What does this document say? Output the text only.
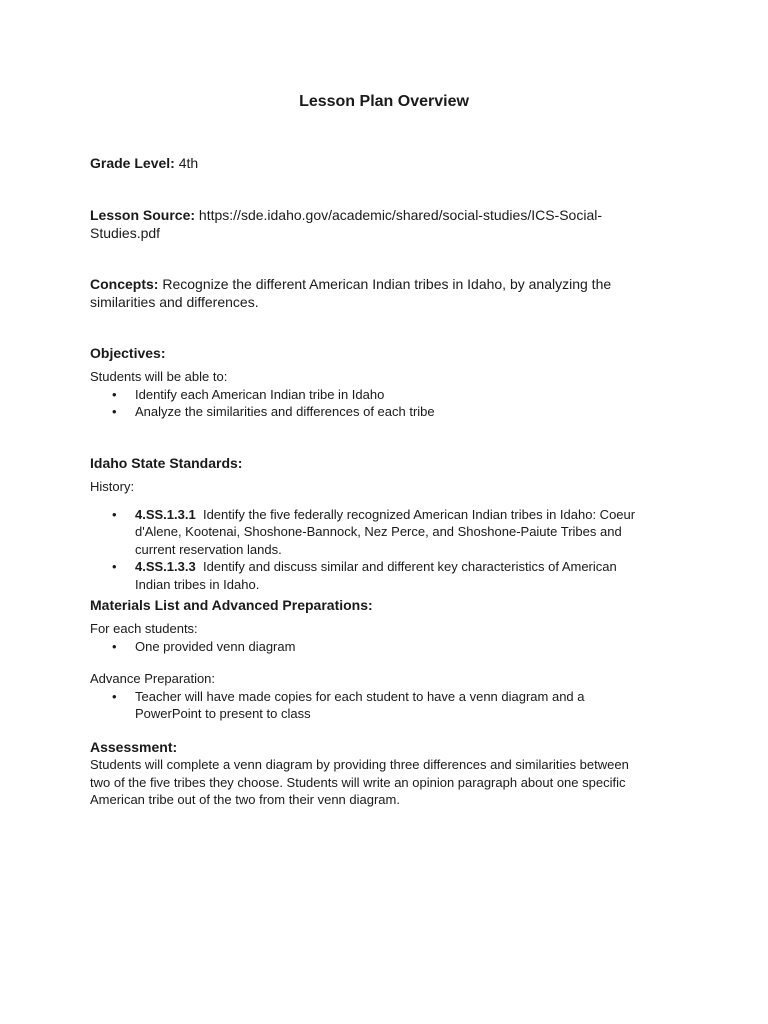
Lesson Plan Overview
Grade Level: 4th
Lesson Source: https://sde.idaho.gov/academic/shared/social-studies/ICS-Social-
Studies.pdf
Concepts: Recognize the different American Indian tribes in Idaho, by analyzing the
similarities and differences.
Objectives:
Students will be able to:
• Identify each American Indian tribe in Idaho
• Analyze the similarities and differences of each tribe
Idaho State Standards:
History:
• 4.SS.1.3.1 Identify the five federally recognized American Indian tribes in Idaho: Coeur
d'Alene, Kootenai, Shoshone-Bannock, Nez Perce, and Shoshone-Paiute Tribes and
current reservation lands.
• 4.SS.1.3.3 Identify and discuss similar and different key characteristics of American
Indian tribes in Idaho.
Materials List and Advanced Preparations:
For each students:
• One provided venn diagram
Advance Preparation:
• Teacher will have made copies for each student to have a venn diagram and a
PowerPoint to present to class
Assessment:
Students will complete a venn diagram by providing three differences and similarities between
two of the five tribes they choose. Students will write an opinion paragraph about one specific
American tribe out of the two from their venn diagram.
